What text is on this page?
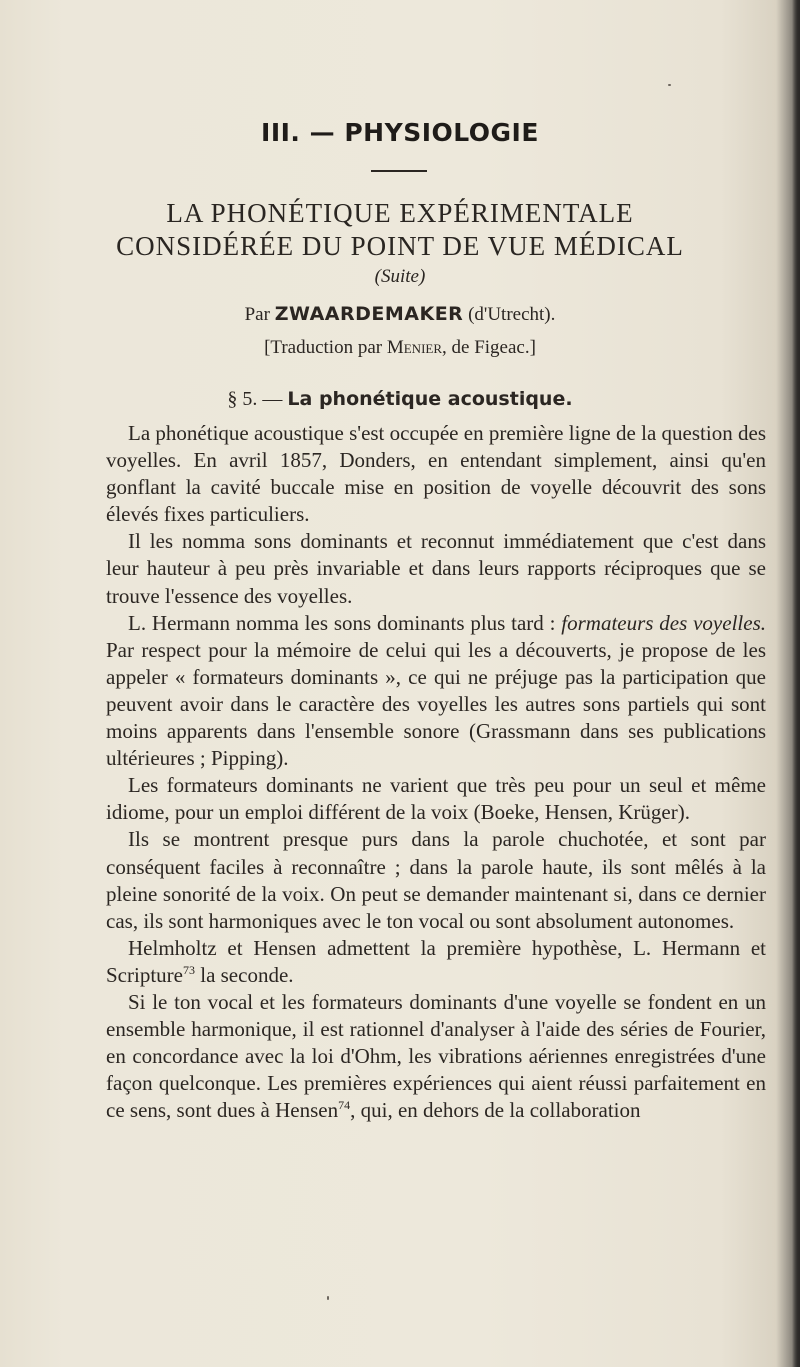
III. — PHYSIOLOGIE
LA PHONÉTIQUE EXPÉRIMENTALE
CONSIDÉRÉE DU POINT DE VUE MÉDICAL
(Suite)
Par ZWAARDEMAKER (d'Utrecht).
[Traduction par Menier, de Figeac.]
§ 5. — La phonétique acoustique.

La phonétique acoustique s'est occupée en première ligne de la question des voyelles. En avril 1857, Donders, en entendant simplement, ainsi qu'en gonflant la cavité buccale mise en position de voyelle découvrit des sons élevés fixes particuliers.

Il les nomma sons dominants et reconnut immédiatement que c'est dans leur hauteur à peu près invariable et dans leurs rapports réciproques que se trouve l'essence des voyelles.

L. Hermann nomma les sons dominants plus tard : formateurs des voyelles. Par respect pour la mémoire de celui qui les a découverts, je propose de les appeler « formateurs dominants », ce qui ne préjuge pas la participation que peuvent avoir dans le caractère des voyelles les autres sons partiels qui sont moins apparents dans l'ensemble sonore (Grassmann dans ses publications ultérieures ; Pipping).

Les formateurs dominants ne varient que très peu pour un seul et même idiome, pour un emploi différent de la voix (Boeke, Hensen, Krüger).

Ils se montrent presque purs dans la parole chuchotée, et sont par conséquent faciles à reconnaître ; dans la parole haute, ils sont mêlés à la pleine sonorité de la voix. On peut se demander maintenant si, dans ce dernier cas, ils sont harmoniques avec le ton vocal ou sont absolument autonomes.

Helmholtz et Hensen admettent la première hypothèse, L. Hermann et Scripture$^{73}$ la seconde.

Si le ton vocal et les formateurs dominants d'une voyelle se fondent en un ensemble harmonique, il est rationnel d'analyser à l'aide des séries de Fourier, en concordance avec la loi d'Ohm, les vibrations aériennes enregistrées d'une façon quelconque. Les premières expériences qui aient réussi parfaitement en ce sens, sont dues à Hensen$^{74}$, qui, en dehors de la collaboration
